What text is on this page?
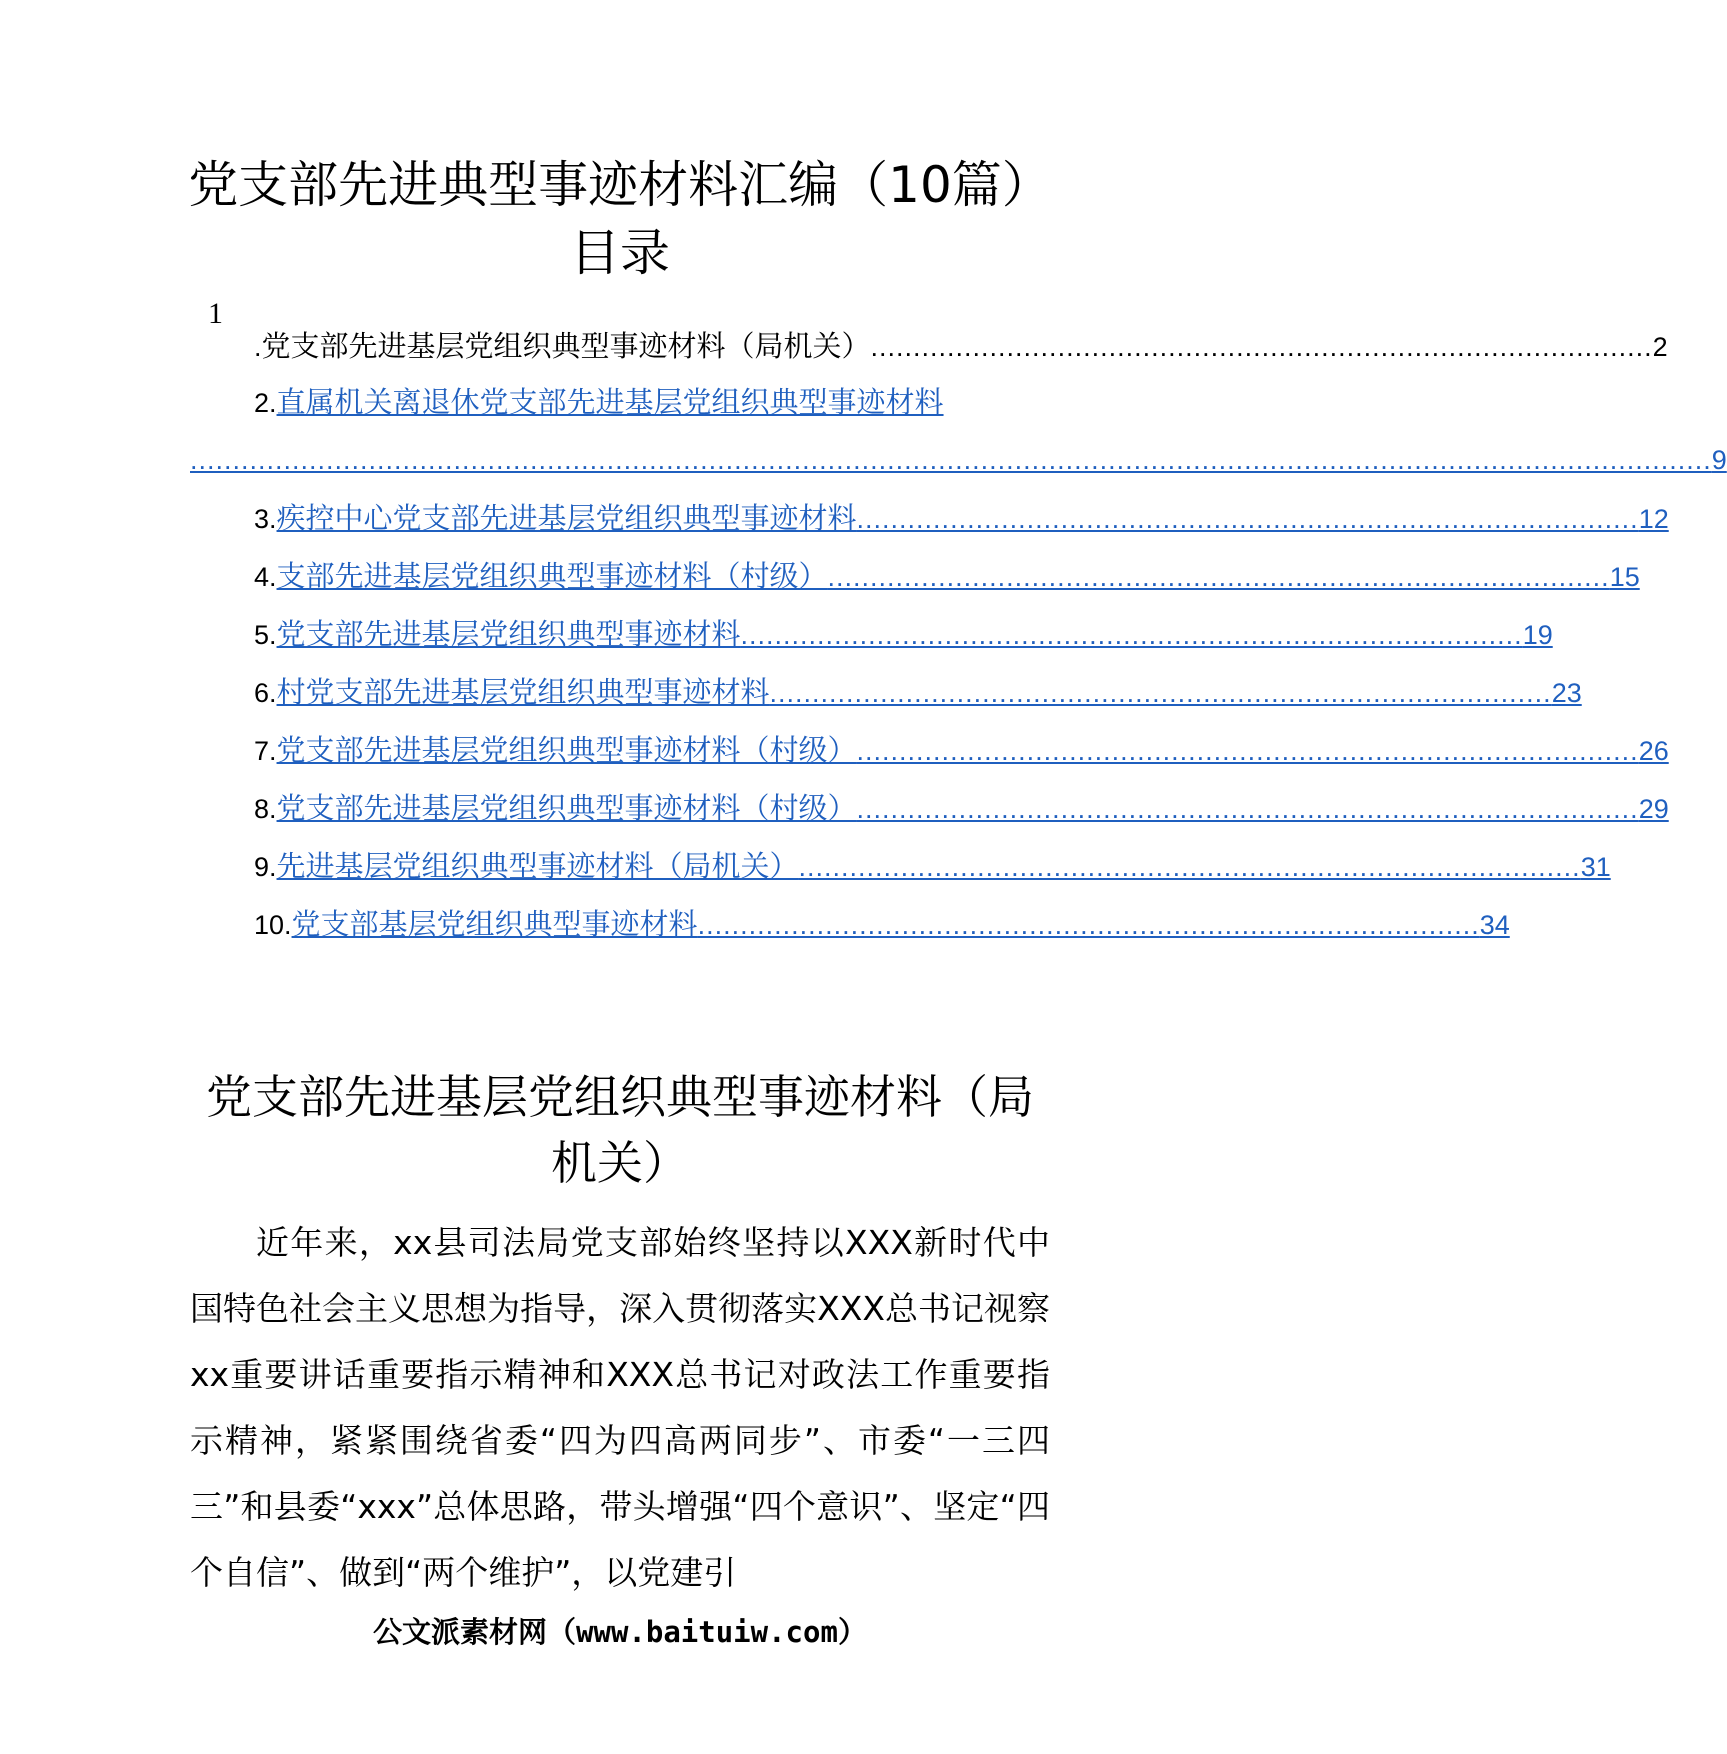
党支部先进典型事迹材料汇编（10篇）
目录
1
. 党支部先进基层党组织典型事迹材料（局机关） ............................................................................................ 2
2. 直属机关离退休党支部先进基层党组织典型事迹材料
................................................................................................................................................................................... 9
3. 疾控中心党支部先进基层党组织典型事迹材料 ............................................................................................ 12
4. 支部先进基层党组织典型事迹材料（村级） ............................................................................................ 15
5. 党支部先进基层党组织典型事迹材料 ............................................................................................ 19
6. 村党支部先进基层党组织典型事迹材料 ............................................................................................ 23
7. 党支部先进基层党组织典型事迹材料（村级） ............................................................................................ 26
8. 党支部先进基层党组织典型事迹材料（村级） ............................................................................................ 29
9. 先进基层党组织典型事迹材料（局机关） ............................................................................................ 31
10. 党支部基层党组织典型事迹材料 ............................................................................................ 34
党支部先进基层党组织典型事迹材料（局机关）

近年来，xx县司法局党支部始终坚持以XXX新时代中国特色社会主义思想为指导，深入贯彻落实XXX总书记视察xx重要讲话重要指示精神和XXX总书记对政法工作重要指示精神，紧紧围绕省委“四为四高两同步”、市委“一三四三”和县委“xxx”总体思路，带头增强“四个意识”、坚定“四个自信”、做到“两个维护”，以党建引

公文派素材网（www.baituiw.com）
